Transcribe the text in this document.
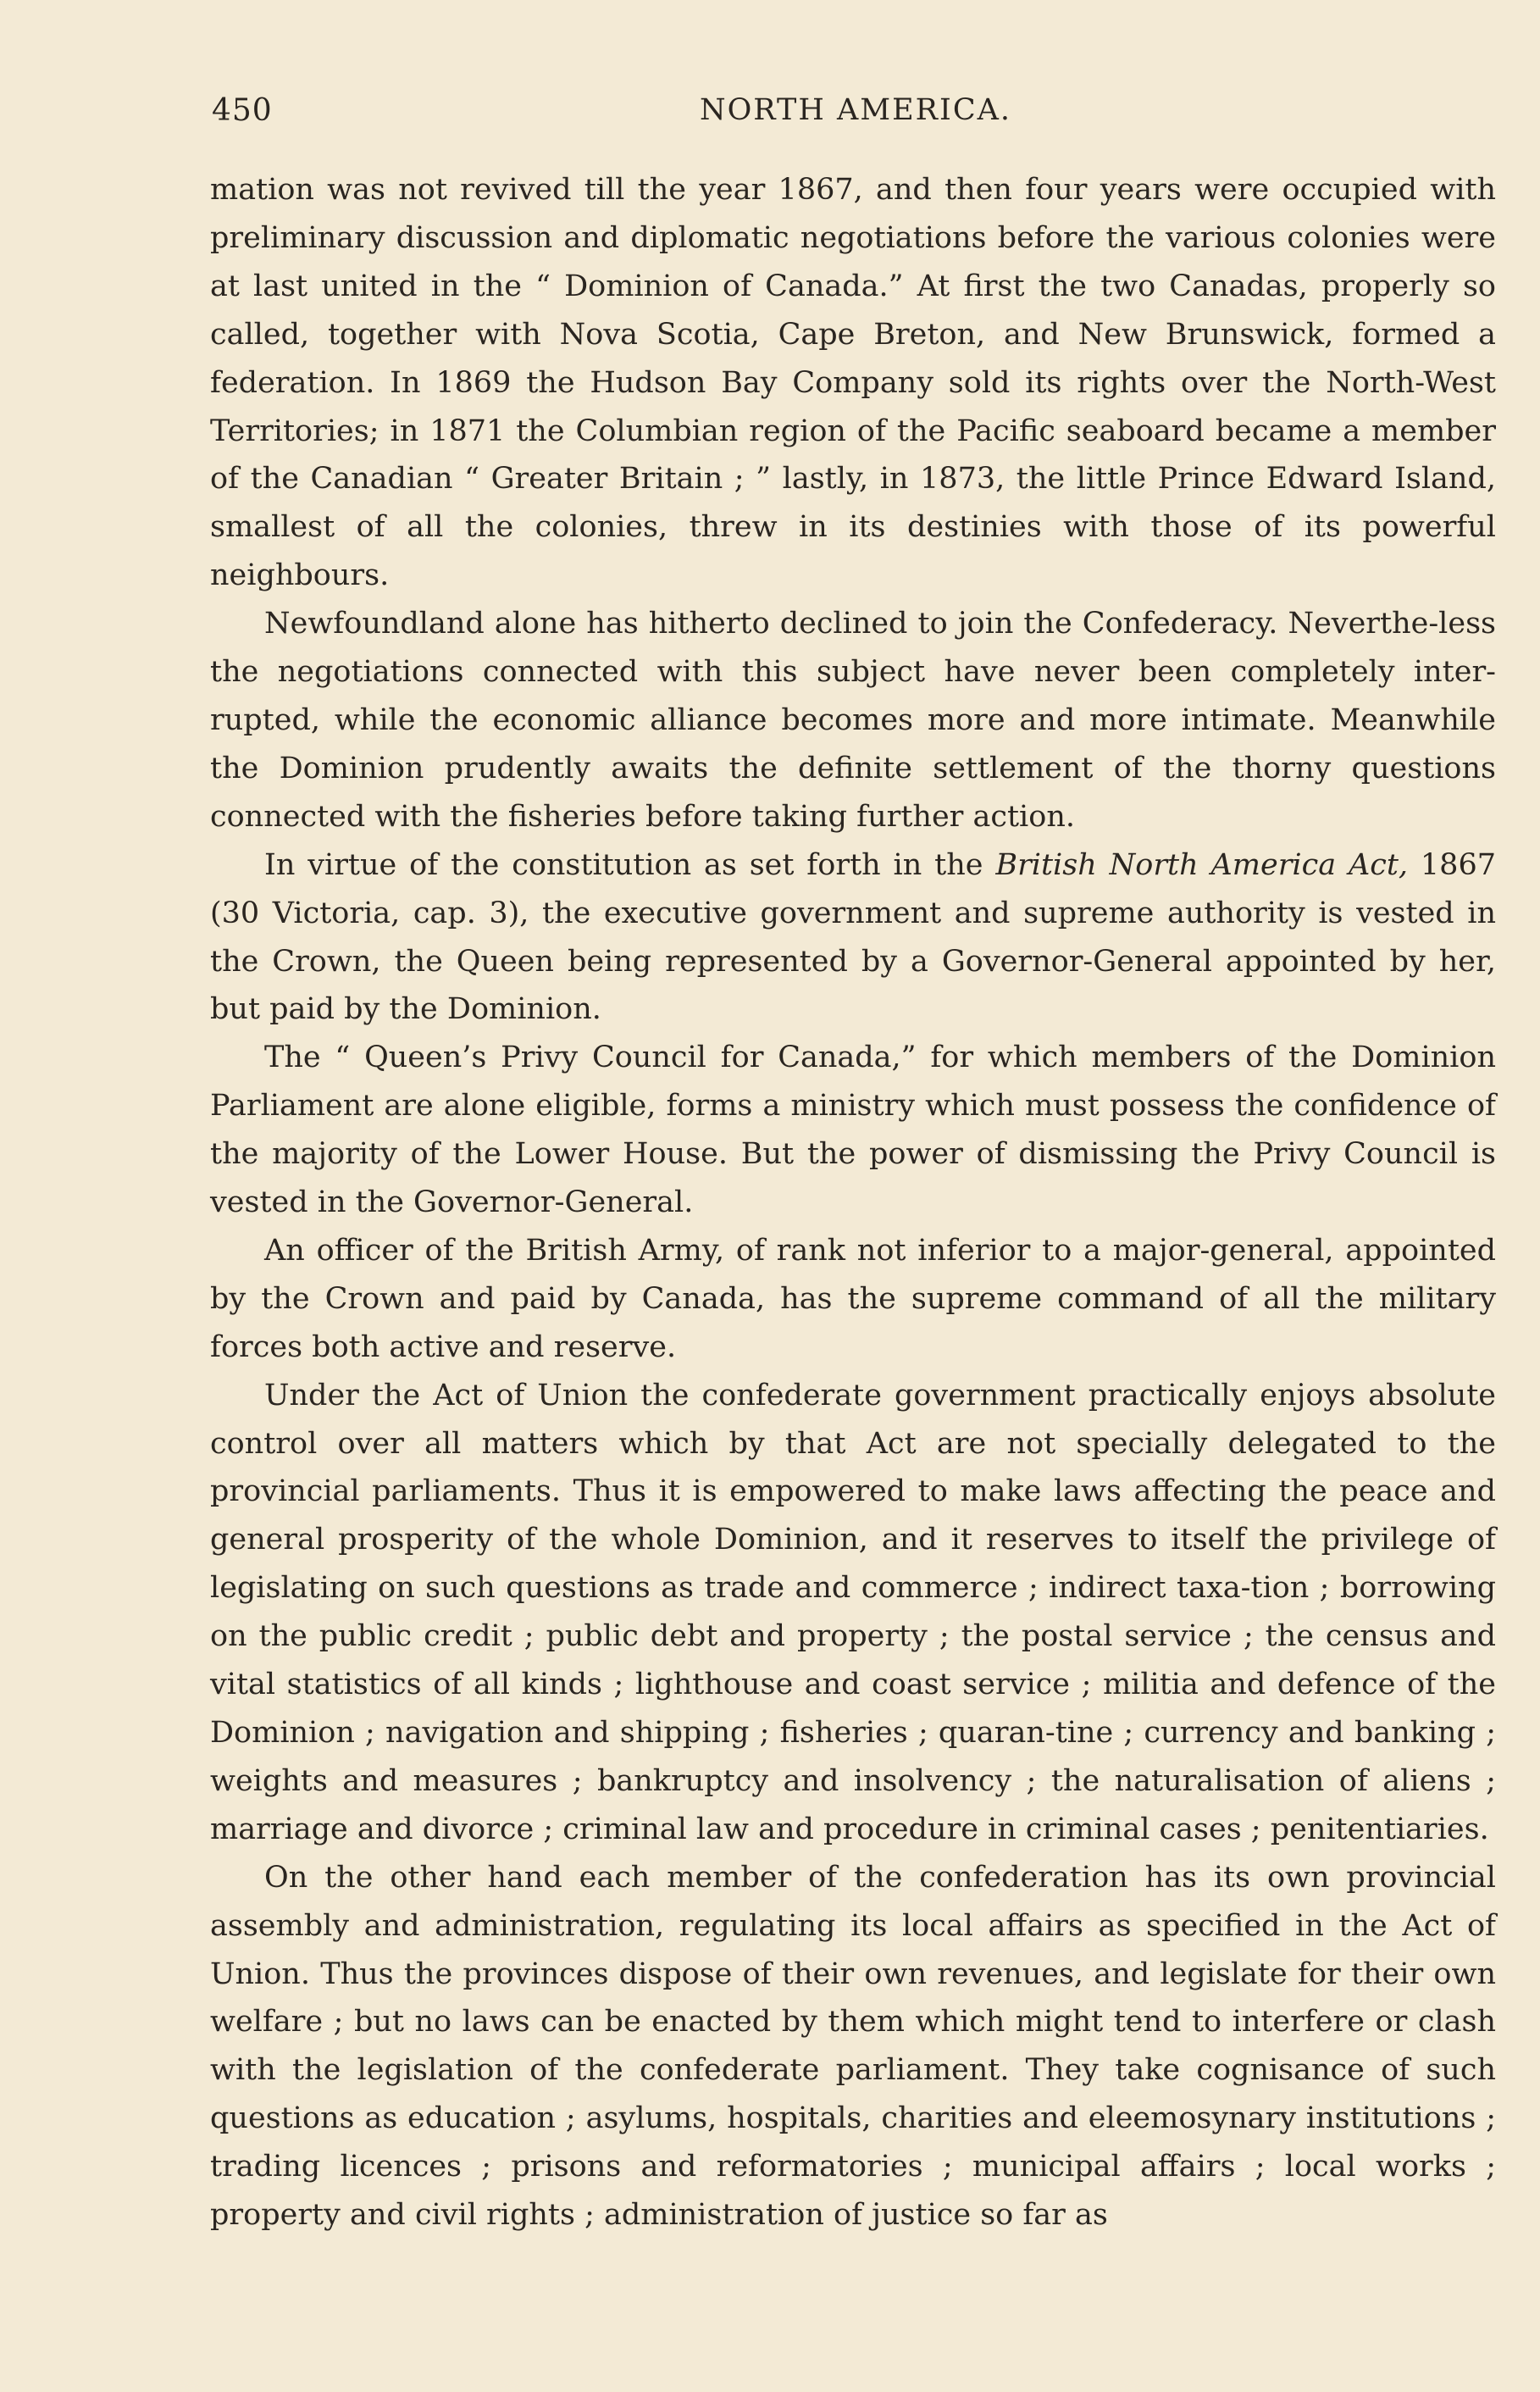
450	NORTH AMERICA.

mation was not revived till the year 1867, and then four years were occupied with preliminary discussion and diplomatic negotiations before the various colonies were at last united in the “ Dominion of Canada.” At first the two Canadas, properly so called, together with Nova Scotia, Cape Breton, and New Brunswick, formed a federation. In 1869 the Hudson Bay Company sold its rights over the North-West Territories; in 1871 the Columbian region of the Pacific seaboard became a member of the Canadian “ Greater Britain ; ” lastly, in 1873, the little Prince Edward Island, smallest of all the colonies, threw in its destinies with those of its powerful neighbours.

Newfoundland alone has hitherto declined to join the Confederacy. Neverthe-less the negotiations connected with this subject have never been completely inter-rupted, while the economic alliance becomes more and more intimate. Meanwhile the Dominion prudently awaits the definite settlement of the thorny questions connected with the fisheries before taking further action.

In virtue of the constitution as set forth in the British North America Act, 1867 (30 Victoria, cap. 3), the executive government and supreme authority is vested in the Crown, the Queen being represented by a Governor-General appointed by her, but paid by the Dominion.

The “ Queen’s Privy Council for Canada,” for which members of the Dominion Parliament are alone eligible, forms a ministry which must possess the confidence of the majority of the Lower House. But the power of dismissing the Privy Council is vested in the Governor-General.

An officer of the British Army, of rank not inferior to a major-general, appointed by the Crown and paid by Canada, has the supreme command of all the military forces both active and reserve.

Under the Act of Union the confederate government practically enjoys absolute control over all matters which by that Act are not specially delegated to the provincial parliaments. Thus it is empowered to make laws affecting the peace and general prosperity of the whole Dominion, and it reserves to itself the privilege of legislating on such questions as trade and commerce ; indirect taxa-tion ; borrowing on the public credit ; public debt and property ; the postal service ; the census and vital statistics of all kinds ; lighthouse and coast service ; militia and defence of the Dominion ; navigation and shipping ; fisheries ; quaran-tine ; currency and banking ; weights and measures ; bankruptcy and insolvency ; the naturalisation of aliens ; marriage and divorce ; criminal law and procedure in criminal cases ; penitentiaries.

On the other hand each member of the confederation has its own provincial assembly and administration, regulating its local affairs as specified in the Act of Union. Thus the provinces dispose of their own revenues, and legislate for their own welfare ; but no laws can be enacted by them which might tend to interfere or clash with the legislation of the confederate parliament. They take cognisance of such questions as education ; asylums, hospitals, charities and eleemosynary institutions ; trading licences ; prisons and reformatories ; municipal affairs ; local works ; property and civil rights ; administration of justice so far as
